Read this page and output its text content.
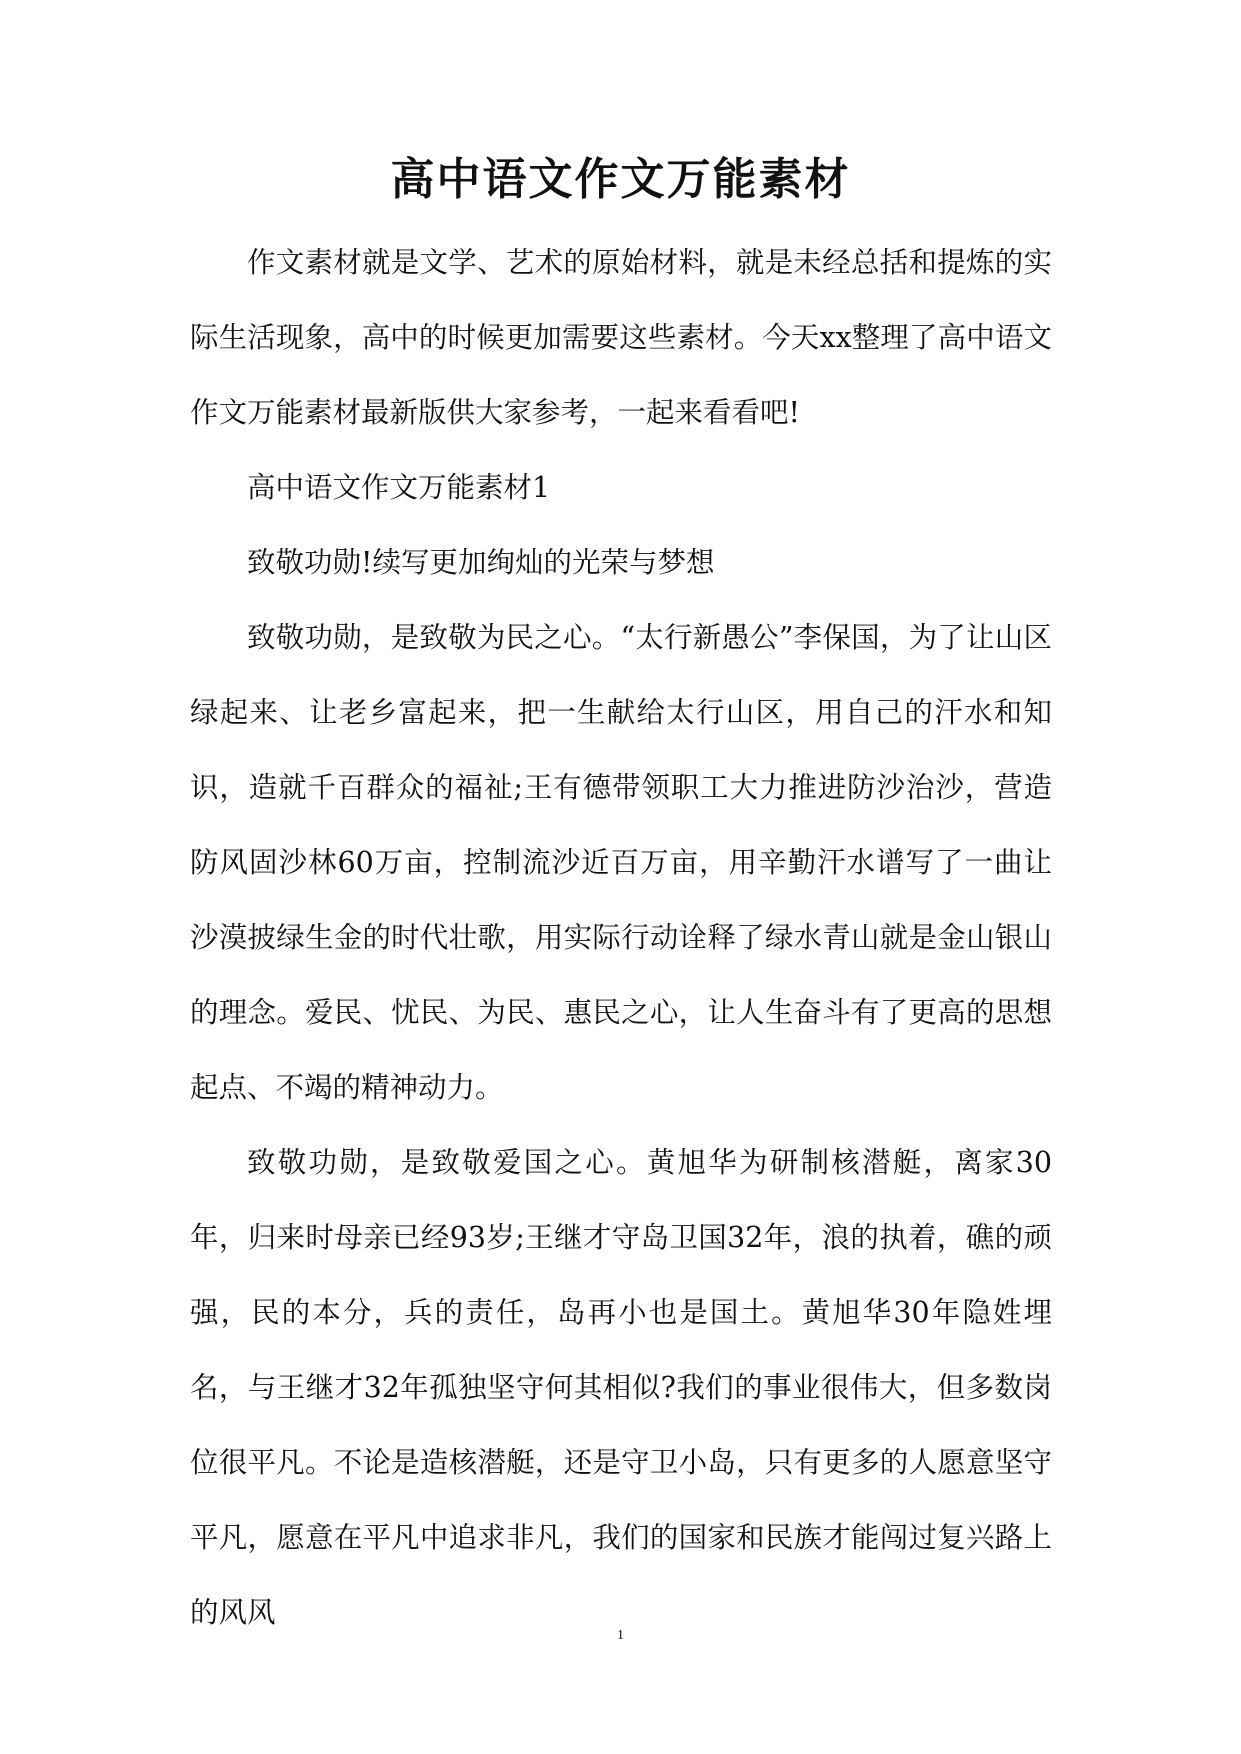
高中语文作文万能素材

作文素材就是文学、艺术的原始材料，就是未经总括和提炼的实际生活现象，高中的时候更加需要这些素材。今天xx整理了高中语文作文万能素材最新版供大家参考，一起来看看吧!

高中语文作文万能素材1

致敬功勋!续写更加绚灿的光荣与梦想

致敬功勋，是致敬为民之心。“太行新愚公”李保国，为了让山区绿起来、让老乡富起来，把一生献给太行山区，用自己的汗水和知识，造就千百群众的福祉;王有德带领职工大力推进防沙治沙，营造防风固沙林60万亩，控制流沙近百万亩，用辛勤汗水谱写了一曲让沙漠披绿生金的时代壮歌，用实际行动诠释了绿水青山就是金山银山的理念。爱民、忧民、为民、惠民之心，让人生奋斗有了更高的思想起点、不竭的精神动力。

致敬功勋，是致敬爱国之心。黄旭华为研制核潜艇，离家30年，归来时母亲已经93岁;王继才守岛卫国32年，浪的执着，礁的顽强，民的本分，兵的责任，岛再小也是国土。黄旭华30年隐姓埋名，与王继才32年孤独坚守何其相似?我们的事业很伟大，但多数岗位很平凡。不论是造核潜艇，还是守卫小岛，只有更多的人愿意坚守平凡，愿意在平凡中追求非凡，我们的国家和民族才能闯过复兴路上的风风

1
